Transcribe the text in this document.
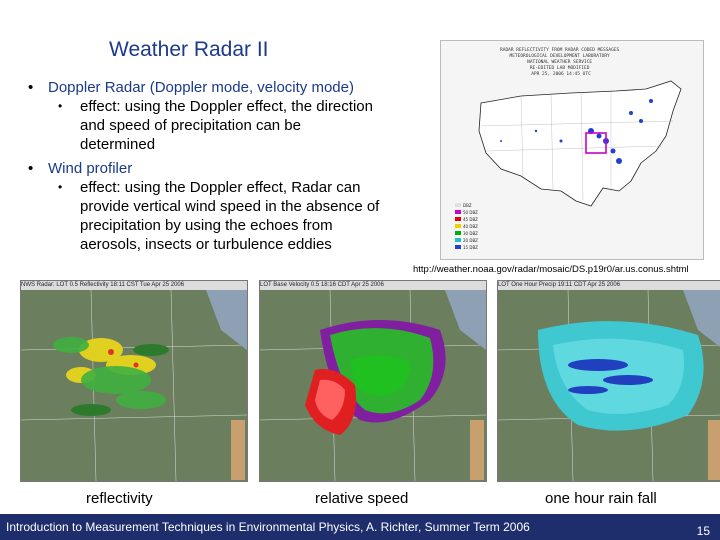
Weather Radar II
• Doppler Radar (Doppler mode, velocity mode)
• effect: using the Doppler effect, the direction and speed of precipitation can be determined
• Wind profiler
• effect: using the Doppler effect, Radar can provide vertical wind speed in the absence of precipitation by using the echoes from aerosols, insects or turbulence eddies
RADAR REFLECTIVITY FROM RADAR CODED MESSAGES METEOROLOGICAL DEVELOPMENT LABORATORY NATIONAL WEATHER SERVICE RE-EDITED LAB MODIFIED APR 25, 2006 14:45 UTC
DBZ
50 DBZ
45 DBZ
40 DBZ
30 DBZ
20 DBZ
15 DBZ
http://weather.noaa.gov/radar/mosaic/DS.p19r0/ar.us.conus.shtml
NWS Radar: LOT 0.5 Reflectivity 18:11 CST Tue Apr 25 2006	LOT Base Velocity 0.5 18:16 CDT Apr 25 2006	LOT One Hour Precip 19:11 CDT Apr 25 2006
reflectivity	relative speed	one hour rain fall
Introduction to Measurement Techniques in Environmental Physics, A. Richter, Summer Term 2006	15
